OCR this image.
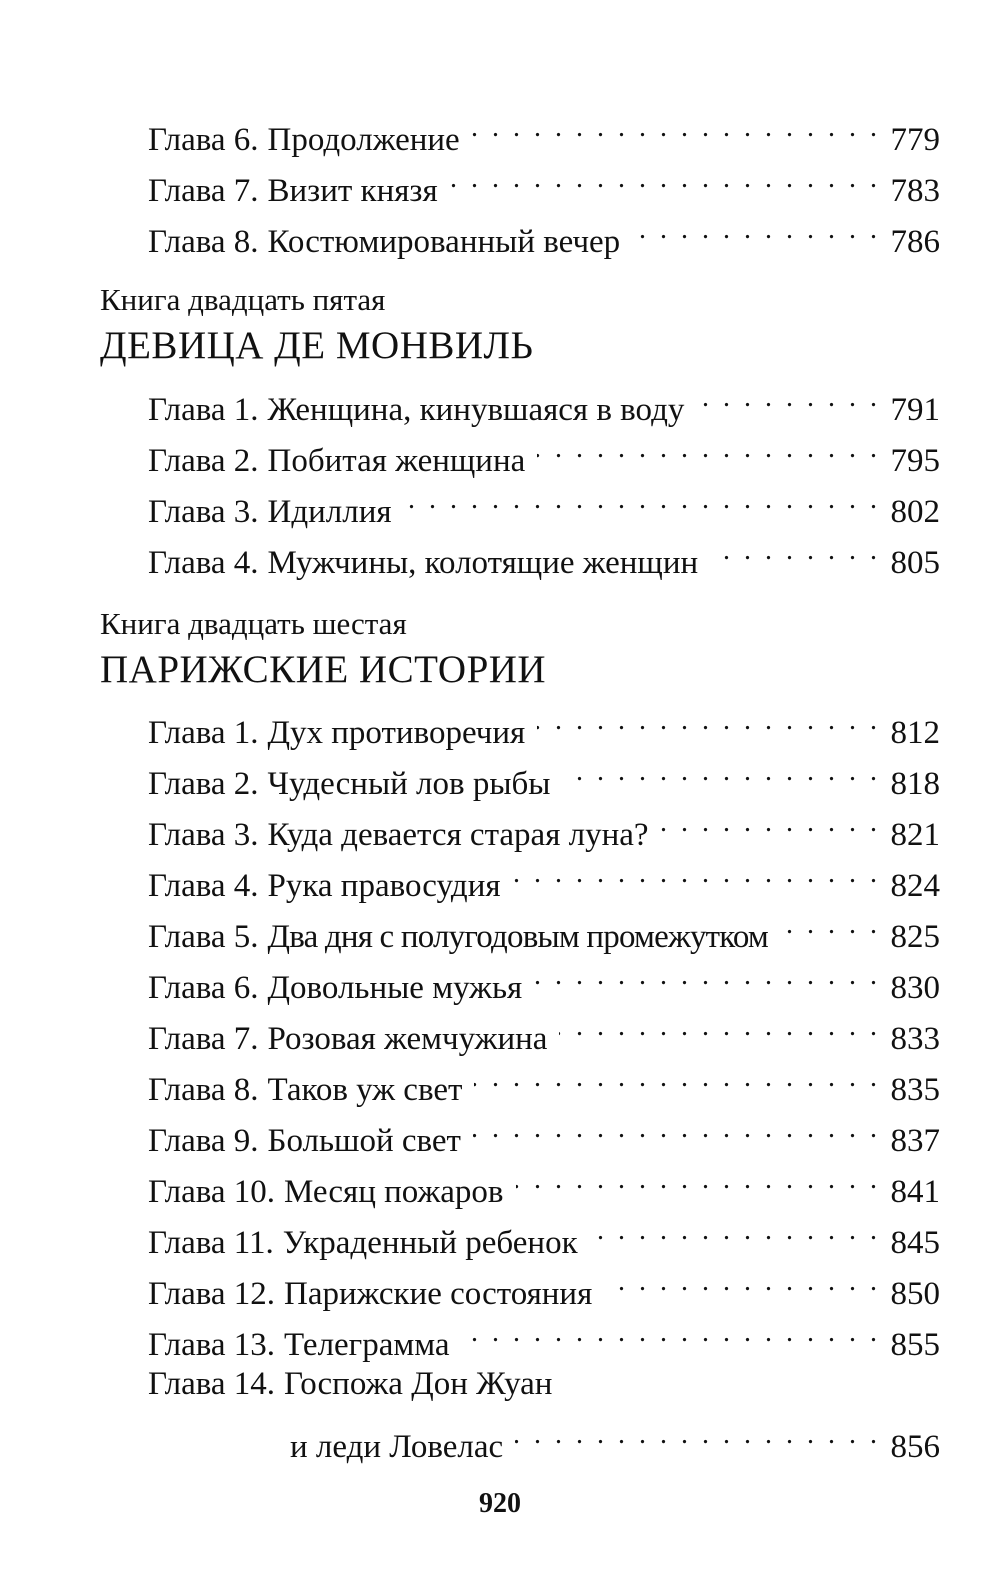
Глава 6. Продолжение . . .	779
Глава 7. Визит князя . . .	783
Глава 8. Костюмированный вечер . . .	786
Книга двадцать пятая
ДЕВИЦА ДЕ МОНВИЛЬ
Глава 1. Женщина, кинувшаяся в воду . . .	791
Глава 2. Побитая женщина . . .	795
Глава 3. Идиллия . . .	802
Глава 4. Мужчины, колотящие женщин . . .	805
Книга двадцать шестая
ПАРИЖСКИЕ ИСТОРИИ
Глава 1. Дух противоречия . . .	812
Глава 2. Чудесный лов рыбы . . .	818
Глава 3. Куда девается старая луна? . . .	821
Глава 4. Рука правосудия . . .	824
Глава 5. Два дня с полугодовым промежутком . . .	825
Глава 6. Довольные мужья . . .	830
Глава 7. Розовая жемчужина . . .	833
Глава 8. Таков уж свет . . .	835
Глава 9. Большой свет . . .	837
Глава 10. Месяц пожаров . . .	841
Глава 11. Украденный ребенок . . .	845
Глава 12. Парижские состояния . . .	850
Глава 13. Телеграмма . . .	855
Глава 14. Госпожа Дон Жуан
и леди Ловелас . . .	856
920
